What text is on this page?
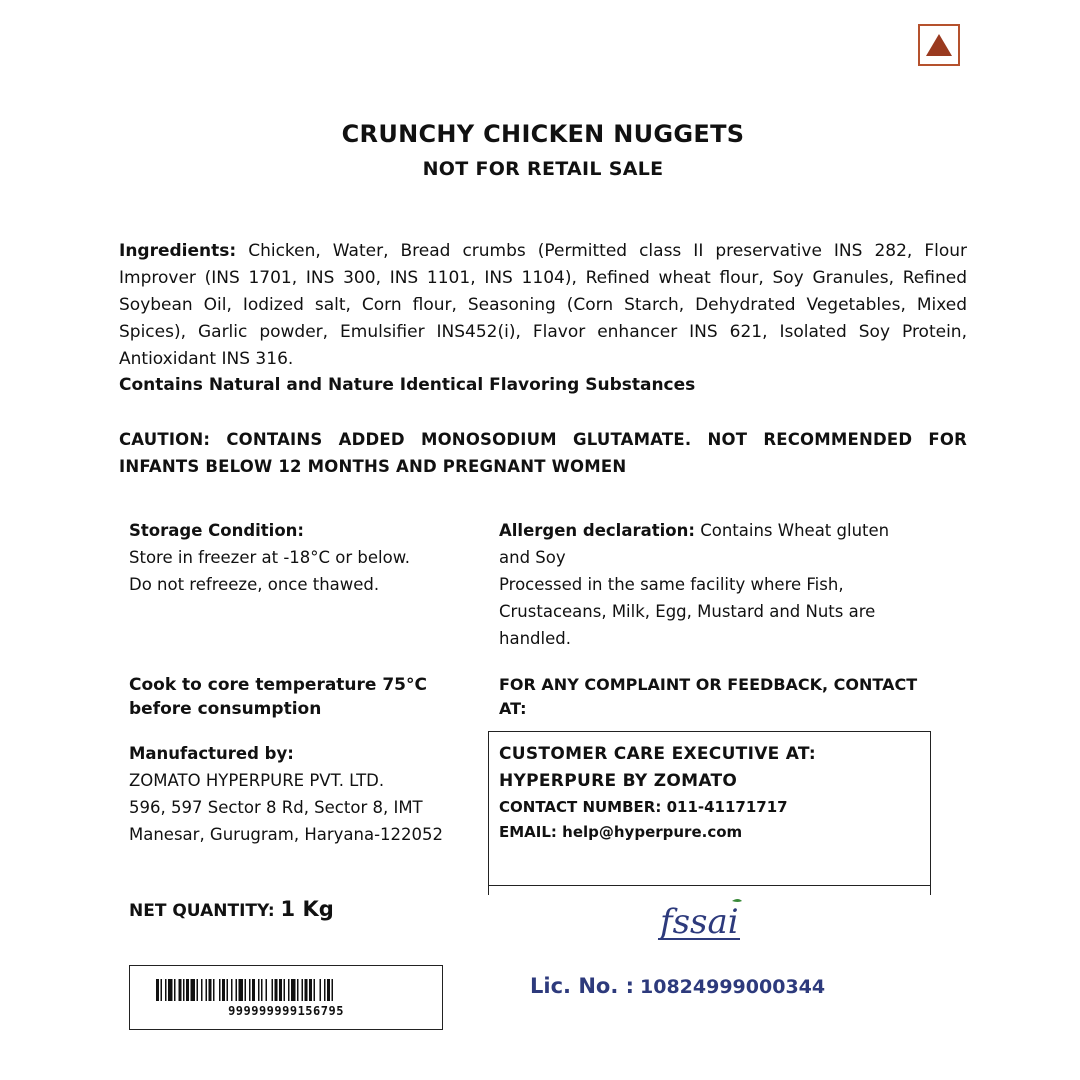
CRUNCHY CHICKEN NUGGETS
NOT FOR RETAIL SALE
Ingredients: Chicken, Water, Bread crumbs (Permitted class II preservative INS 282, Flour Improver (INS 1701, INS 300, INS 1101, INS 1104), Refined wheat flour, Soy Granules, Refined Soybean Oil, Iodized salt, Corn flour, Seasoning (Corn Starch, Dehydrated Vegetables, Mixed Spices), Garlic powder, Emulsifier INS452(i), Flavor enhancer INS 621, Isolated Soy Protein, Antioxidant INS 316.
Contains Natural and Nature Identical Flavoring Substances
CAUTION: CONTAINS ADDED MONOSODIUM GLUTAMATE. NOT RECOMMENDED FOR INFANTS BELOW 12 MONTHS AND PREGNANT WOMEN
Storage Condition:
Store in freezer at -18°C or below.
Do not refreeze, once thawed.
Allergen declaration: Contains Wheat gluten and Soy
Processed in the same facility where Fish, Crustaceans, Milk, Egg, Mustard and Nuts are handled.
Cook to core temperature 75°C before consumption
FOR ANY COMPLAINT OR FEEDBACK, CONTACT AT:
Manufactured by:
ZOMATO HYPERPURE PVT. LTD.
596, 597 Sector 8 Rd, Sector 8, IMT Manesar, Gurugram, Haryana-122052
CUSTOMER CARE EXECUTIVE AT:
HYPERPURE BY ZOMATO
CONTACT NUMBER: 011-41171717
EMAIL: help@hyperpure.com
NET QUANTITY: 1 Kg
999999999156795
fssai
Lic. No. : 10824999000344
